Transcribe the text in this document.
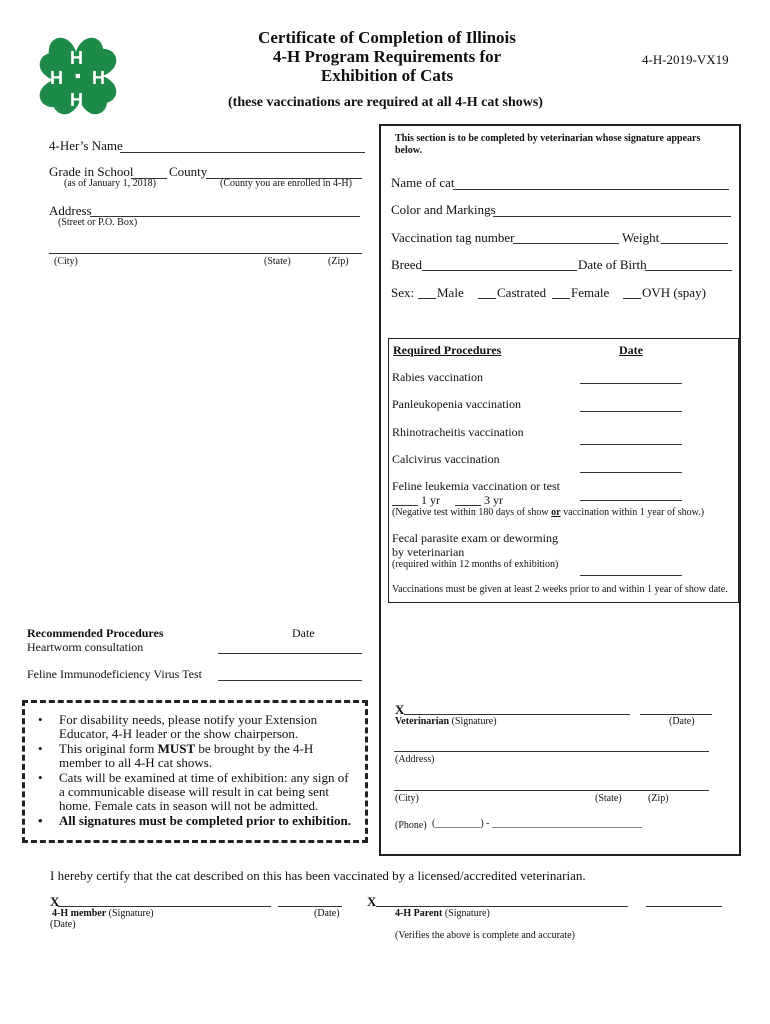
H
H
H
H
Certificate of Completion of Illinois
4-H Program Requirements for
Exhibition of Cats
4-H-2019-VX19
(these vaccinations are required at all 4-H cat shows)
4-Her’s Name
Grade in School	County
(as of January 1, 2018)	(County you are enrolled in 4-H)
Address
(Street or P.O. Box)
(City)	(State)	(Zip)
This section is to be completed by veterinarian whose signature appears below.
Name of cat
Color and Markings
Vaccination tag number	Weight
Breed	Date of Birth
Sex: Male	Castrated Female	OVH (spay)
Required Procedures	Date
Rabies vaccination
Panleukopenia vaccination
Rhinotracheitis vaccination
Calcivirus vaccination
Feline leukemia vaccination or test
1 yr	3 yr
(Negative test within 180 days of show or vaccination within 1 year of show.)
Fecal parasite exam or deworming
by veterinarian
(required within 12 months of exhibition)
Vaccinations must be given at least 2 weeks prior to and within 1 year of show date.
Recommended Procedures	Date
Heartworm consultation
Feline Immunodeficiency Virus Test
• For disability needs, please notify your Extension Educator, 4-H leader or the show chairperson.
• This original form MUST be brought by the 4-H member to all 4-H cat shows.
• Cats will be examined at time of exhibition: any sign of a communicable disease will result in cat being sent home. Female cats in season will not be admitted.
• All signatures must be completed prior to exhibition.
X
Veterinarian (Signature)	(Date)
(Address)
(City)	(State)	(Zip)
(Phone) (_________) - ______________________________
I hereby certify that the cat described on this has been vaccinated by a licensed/accredited veterinarian.
X
4-H member (Signature)	(Date)
(Date)
X
4-H Parent (Signature)
(Verifies the above is complete and accurate)
